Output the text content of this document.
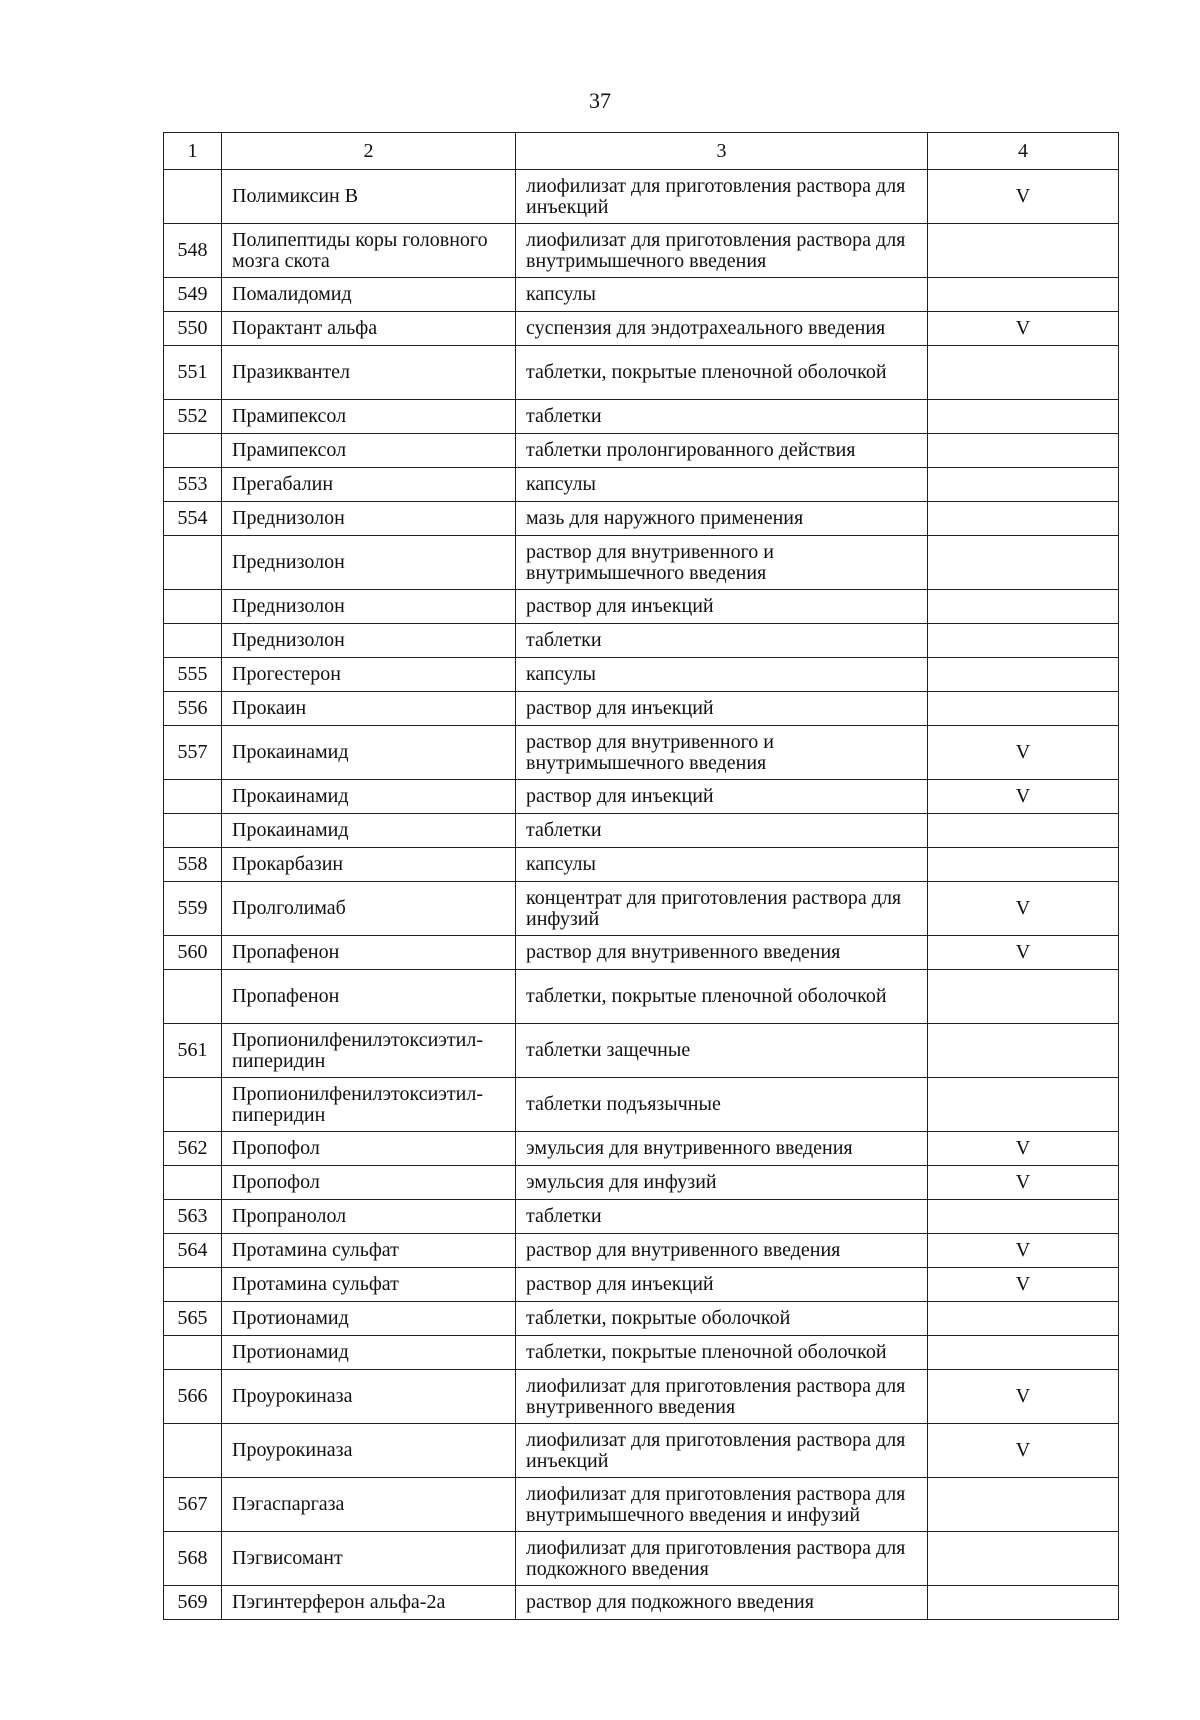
37
1	2	3	4
	Полимиксин В	лиофилизат для приготовления раствора для инъекций	V
548	Полипептиды коры головного мозга скота	лиофилизат для приготовления раствора для внутримышечного введения	
549	Помалидомид	капсулы	
550	Порактант альфа	суспензия для эндотрахеального введения	V
551	Празиквантел	таблетки, покрытые пленочной оболочкой	
552	Прамипексол	таблетки	
	Прамипексол	таблетки пролонгированного действия	
553	Прегабалин	капсулы	
554	Преднизолон	мазь для наружного применения	
	Преднизолон	раствор для внутривенного и внутримышечного введения	
	Преднизолон	раствор для инъекций	
	Преднизолон	таблетки	
555	Прогестерон	капсулы	
556	Прокаин	раствор для инъекций	
557	Прокаинамид	раствор для внутривенного и внутримышечного введения	V
	Прокаинамид	раствор для инъекций	V
	Прокаинамид	таблетки	
558	Прокарбазин	капсулы	
559	Пролголимаб	концентрат для приготовления раствора для инфузий	V
560	Пропафенон	раствор для внутривенного введения	V
	Пропафенон	таблетки, покрытые пленочной оболочкой	
561	Пропионилфенилэтоксиэтил-пиперидин	таблетки защечные	
	Пропионилфенилэтоксиэтил-пиперидин	таблетки подъязычные	
562	Пропофол	эмульсия для внутривенного введения	V
	Пропофол	эмульсия для инфузий	V
563	Пропранолол	таблетки	
564	Протамина сульфат	раствор для внутривенного введения	V
	Протамина сульфат	раствор для инъекций	V
565	Протионамид	таблетки, покрытые оболочкой	
	Протионамид	таблетки, покрытые пленочной оболочкой	
566	Проурокиназа	лиофилизат для приготовления раствора для внутривенного введения	V
	Проурокиназа	лиофилизат для приготовления раствора для инъекций	V
567	Пэгаспаргаза	лиофилизат для приготовления раствора для внутримышечного введения и инфузий	
568	Пэгвисомант	лиофилизат для приготовления раствора для подкожного введения	
569	Пэгинтерферон альфа-2а	раствор для подкожного введения	
